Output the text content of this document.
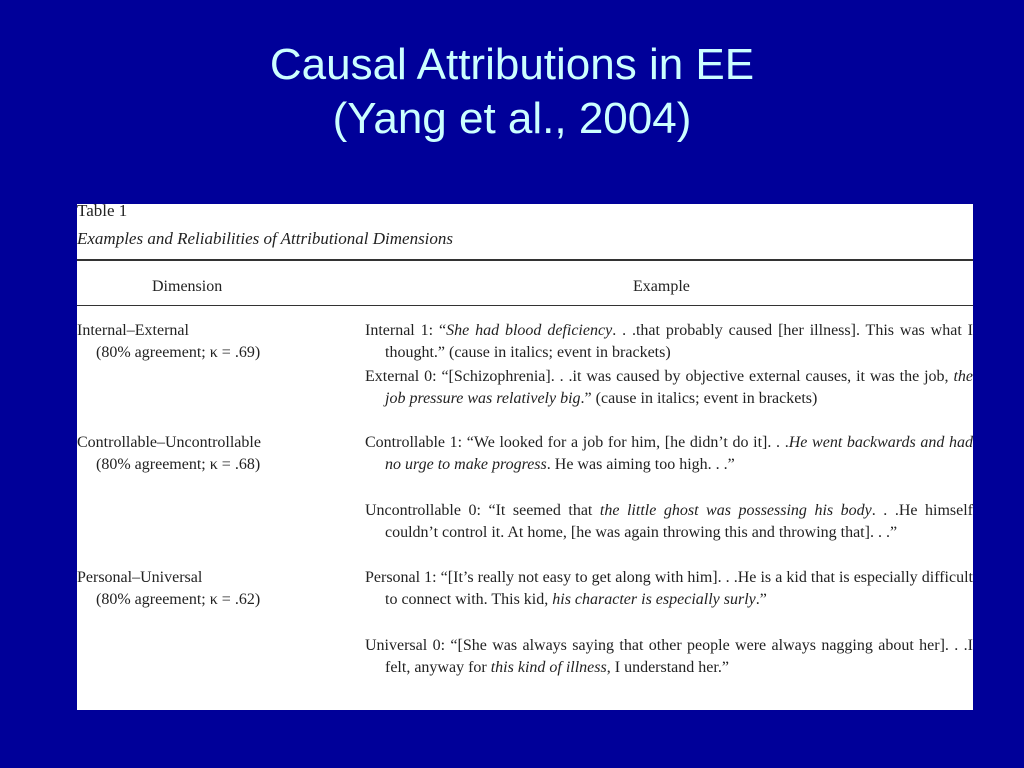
Causal Attributions in EE
(Yang et al., 2004)
Table 1
Examples and Reliabilities of Attributional Dimensions
Dimension	Example
Internal–External
(80% agreement; κ = .69)
Controllable–Uncontrollable
(80% agreement; κ = .68)
Personal–Universal
(80% agreement; κ = .62)
Internal 1: “She had blood deficiency. . .that probably caused [her illness]. This was what I thought.” (cause in italics; event in brackets)
External 0: “[Schizophrenia]. . .it was caused by objective external causes, it was the job, the job pressure was relatively big.” (cause in italics; event in brackets)
Controllable 1: “We looked for a job for him, [he didn’t do it]. . .He went backwards and had no urge to make progress. He was aiming too high. . .”
Uncontrollable 0: “It seemed that the little ghost was possessing his body. . .He himself couldn’t control it. At home, [he was again throwing this and throwing that]. . .”
Personal 1: “[It’s really not easy to get along with him]. . .He is a kid that is especially difficult to connect with. This kid, his character is especially surly.”
Universal 0: “[She was always saying that other people were always nagging about her]. . .I felt, anyway for this kind of illness, I understand her.”
